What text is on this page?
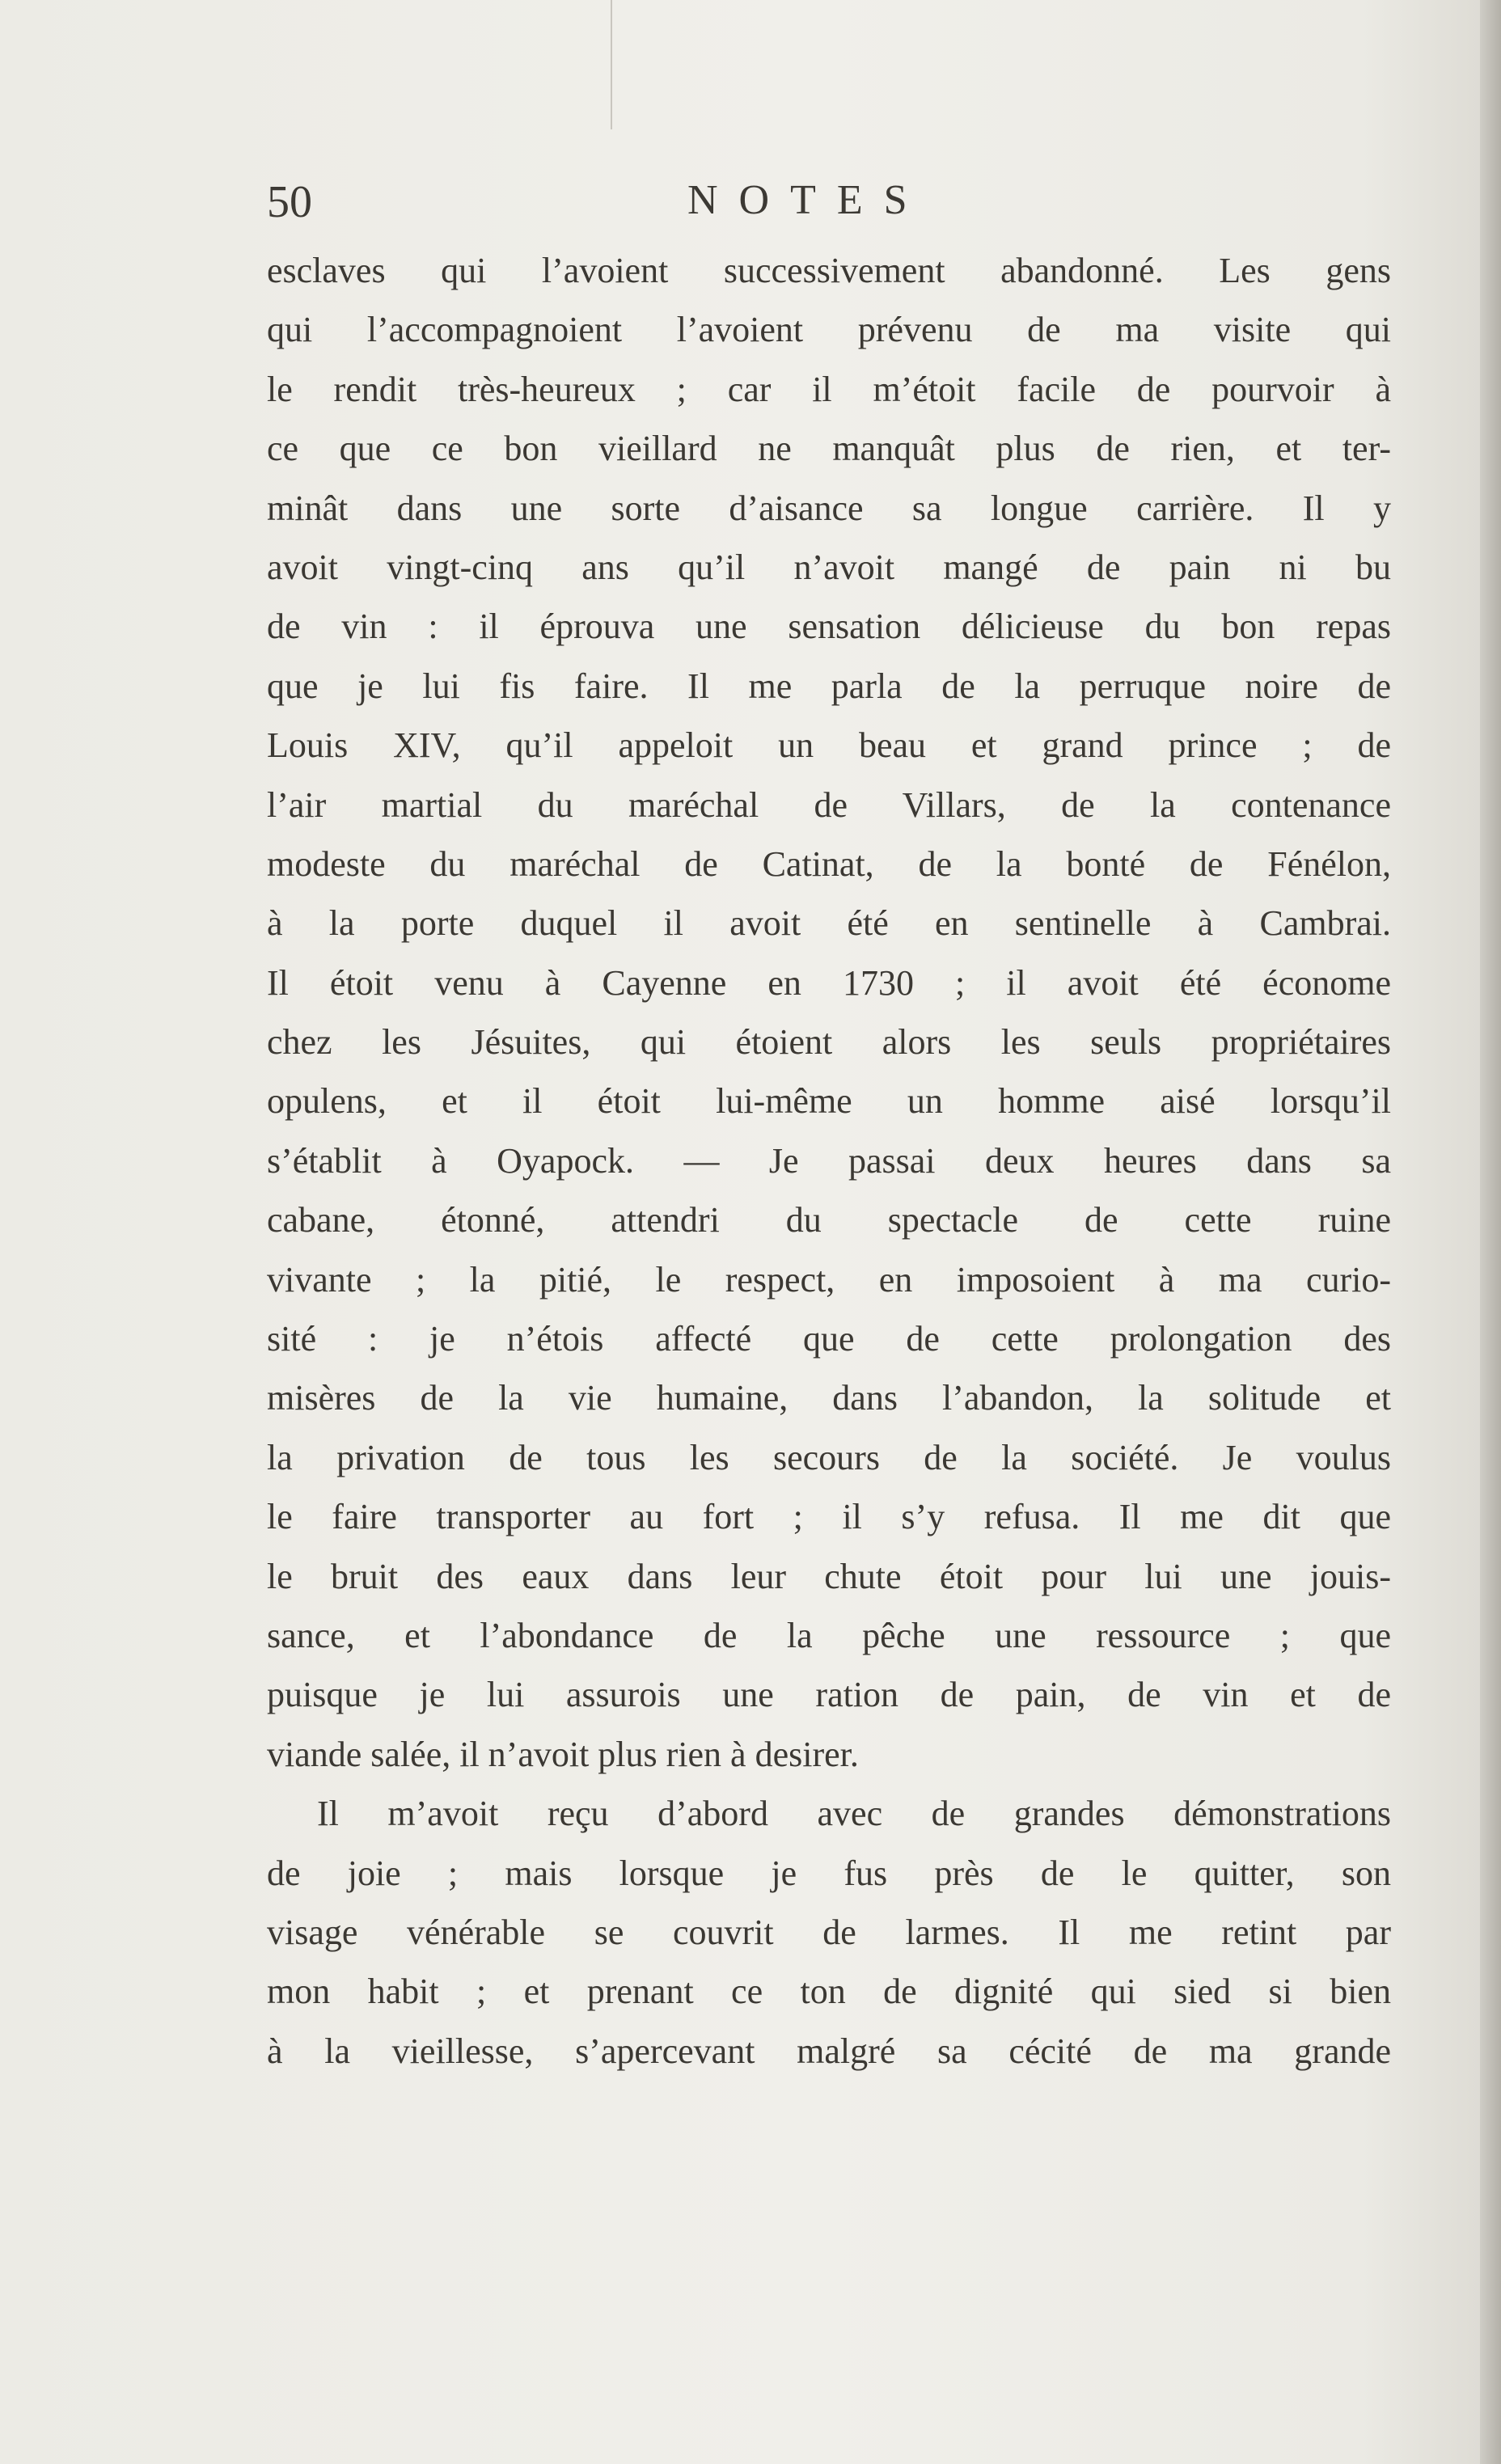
50	NOTES
esclaves qui l’avoient successivement abandonné. Les gens
qui l’accompagnoient l’avoient prévenu de ma visite qui
le rendit très-heureux ; car il m’étoit facile de pourvoir à
ce que ce bon vieillard ne manquât plus de rien, et ter-
minât dans une sorte d’aisance sa longue carrière. Il y
avoit vingt-cinq ans qu’il n’avoit mangé de pain ni bu
de vin : il éprouva une sensation délicieuse du bon repas
que je lui fis faire. Il me parla de la perruque noire de
Louis XIV, qu’il appeloit un beau et grand prince ; de
l’air martial du maréchal de Villars, de la contenance
modeste du maréchal de Catinat, de la bonté de Fénélon,
à la porte duquel il avoit été en sentinelle à Cambrai.
Il étoit venu à Cayenne en 1730 ; il avoit été économe
chez les Jésuites, qui étoient alors les seuls propriétaires
opulens, et il étoit lui-même un homme aisé lorsqu’il
s’établit à Oyapock. — Je passai deux heures dans sa
cabane, étonné, attendri du spectacle de cette ruine
vivante ; la pitié, le respect, en imposoient à ma curio-
sité : je n’étois affecté que de cette prolongation des
misères de la vie humaine, dans l’abandon, la solitude et
la privation de tous les secours de la société. Je voulus
le faire transporter au fort ; il s’y refusa. Il me dit que
le bruit des eaux dans leur chute étoit pour lui une jouis-
sance, et l’abondance de la pêche une ressource ; que
puisque je lui assurois une ration de pain, de vin et de
viande salée, il n’avoit plus rien à desirer.
Il m’avoit reçu d’abord avec de grandes démonstrations
de joie ; mais lorsque je fus près de le quitter, son
visage vénérable se couvrit de larmes. Il me retint par
mon habit ; et prenant ce ton de dignité qui sied si bien
à la vieillesse, s’apercevant malgré sa cécité de ma grande
